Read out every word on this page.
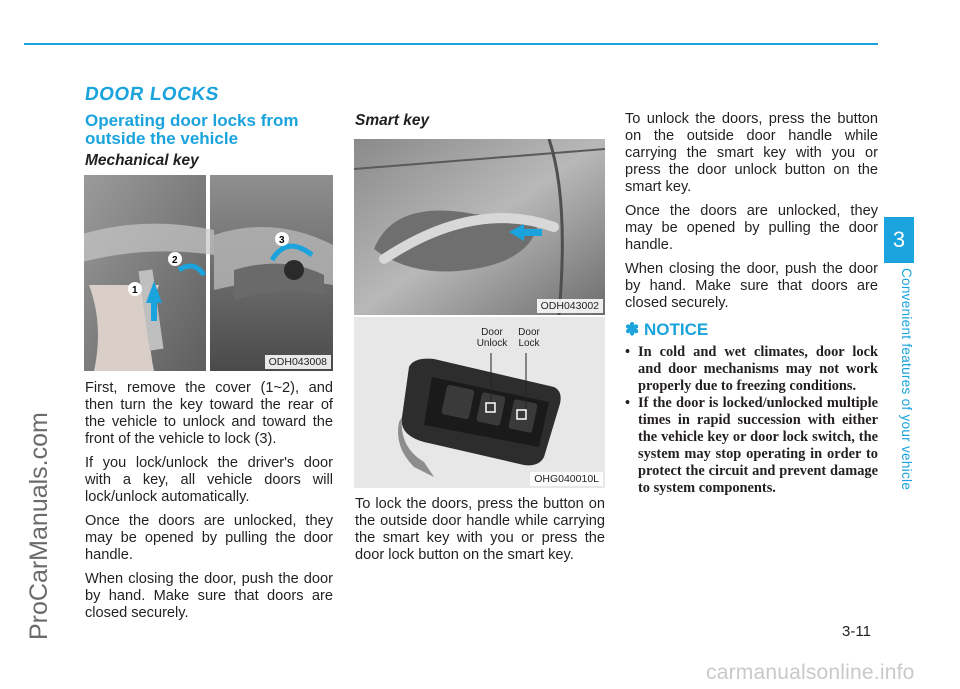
DOOR LOCKS
Operating door locks from outside the vehicle
Mechanical key
1
2
3
ODH043008

First, remove the cover (1~2), and then turn the key toward the rear of the vehicle to unlock and toward the front of the vehicle to lock (3).

If you lock/unlock the driver's door with a key, all vehicle doors will lock/unlock automatically.

Once the doors are unlocked, they may be opened by pulling the door handle.

When closing the door, push the door by hand. Make sure that doors are closed securely.

Smart key
ODH043002
Door Unlock
Door Lock
OHG040010L

To lock the doors, press the button on the outside door handle while carrying the smart key with you or press the door lock button on the smart key.

To unlock the doors, press the button on the outside door handle while carrying the smart key with you or press the door unlock button on the smart key.

Once the doors are unlocked, they may be opened by pulling the door handle.

When closing the door, push the door by hand. Make sure that doors are closed securely.

✽ NOTICE
• In cold and wet climates, door lock and door mechanisms may not work properly due to freezing conditions.
• If the door is locked/unlocked multiple times in rapid succession with either the vehicle key or door lock switch, the system may stop operating in order to protect the circuit and prevent damage to system components.
3
Convenient features of your vehicle
ProCarManuals.com	3-11
carmanualsonline.info
